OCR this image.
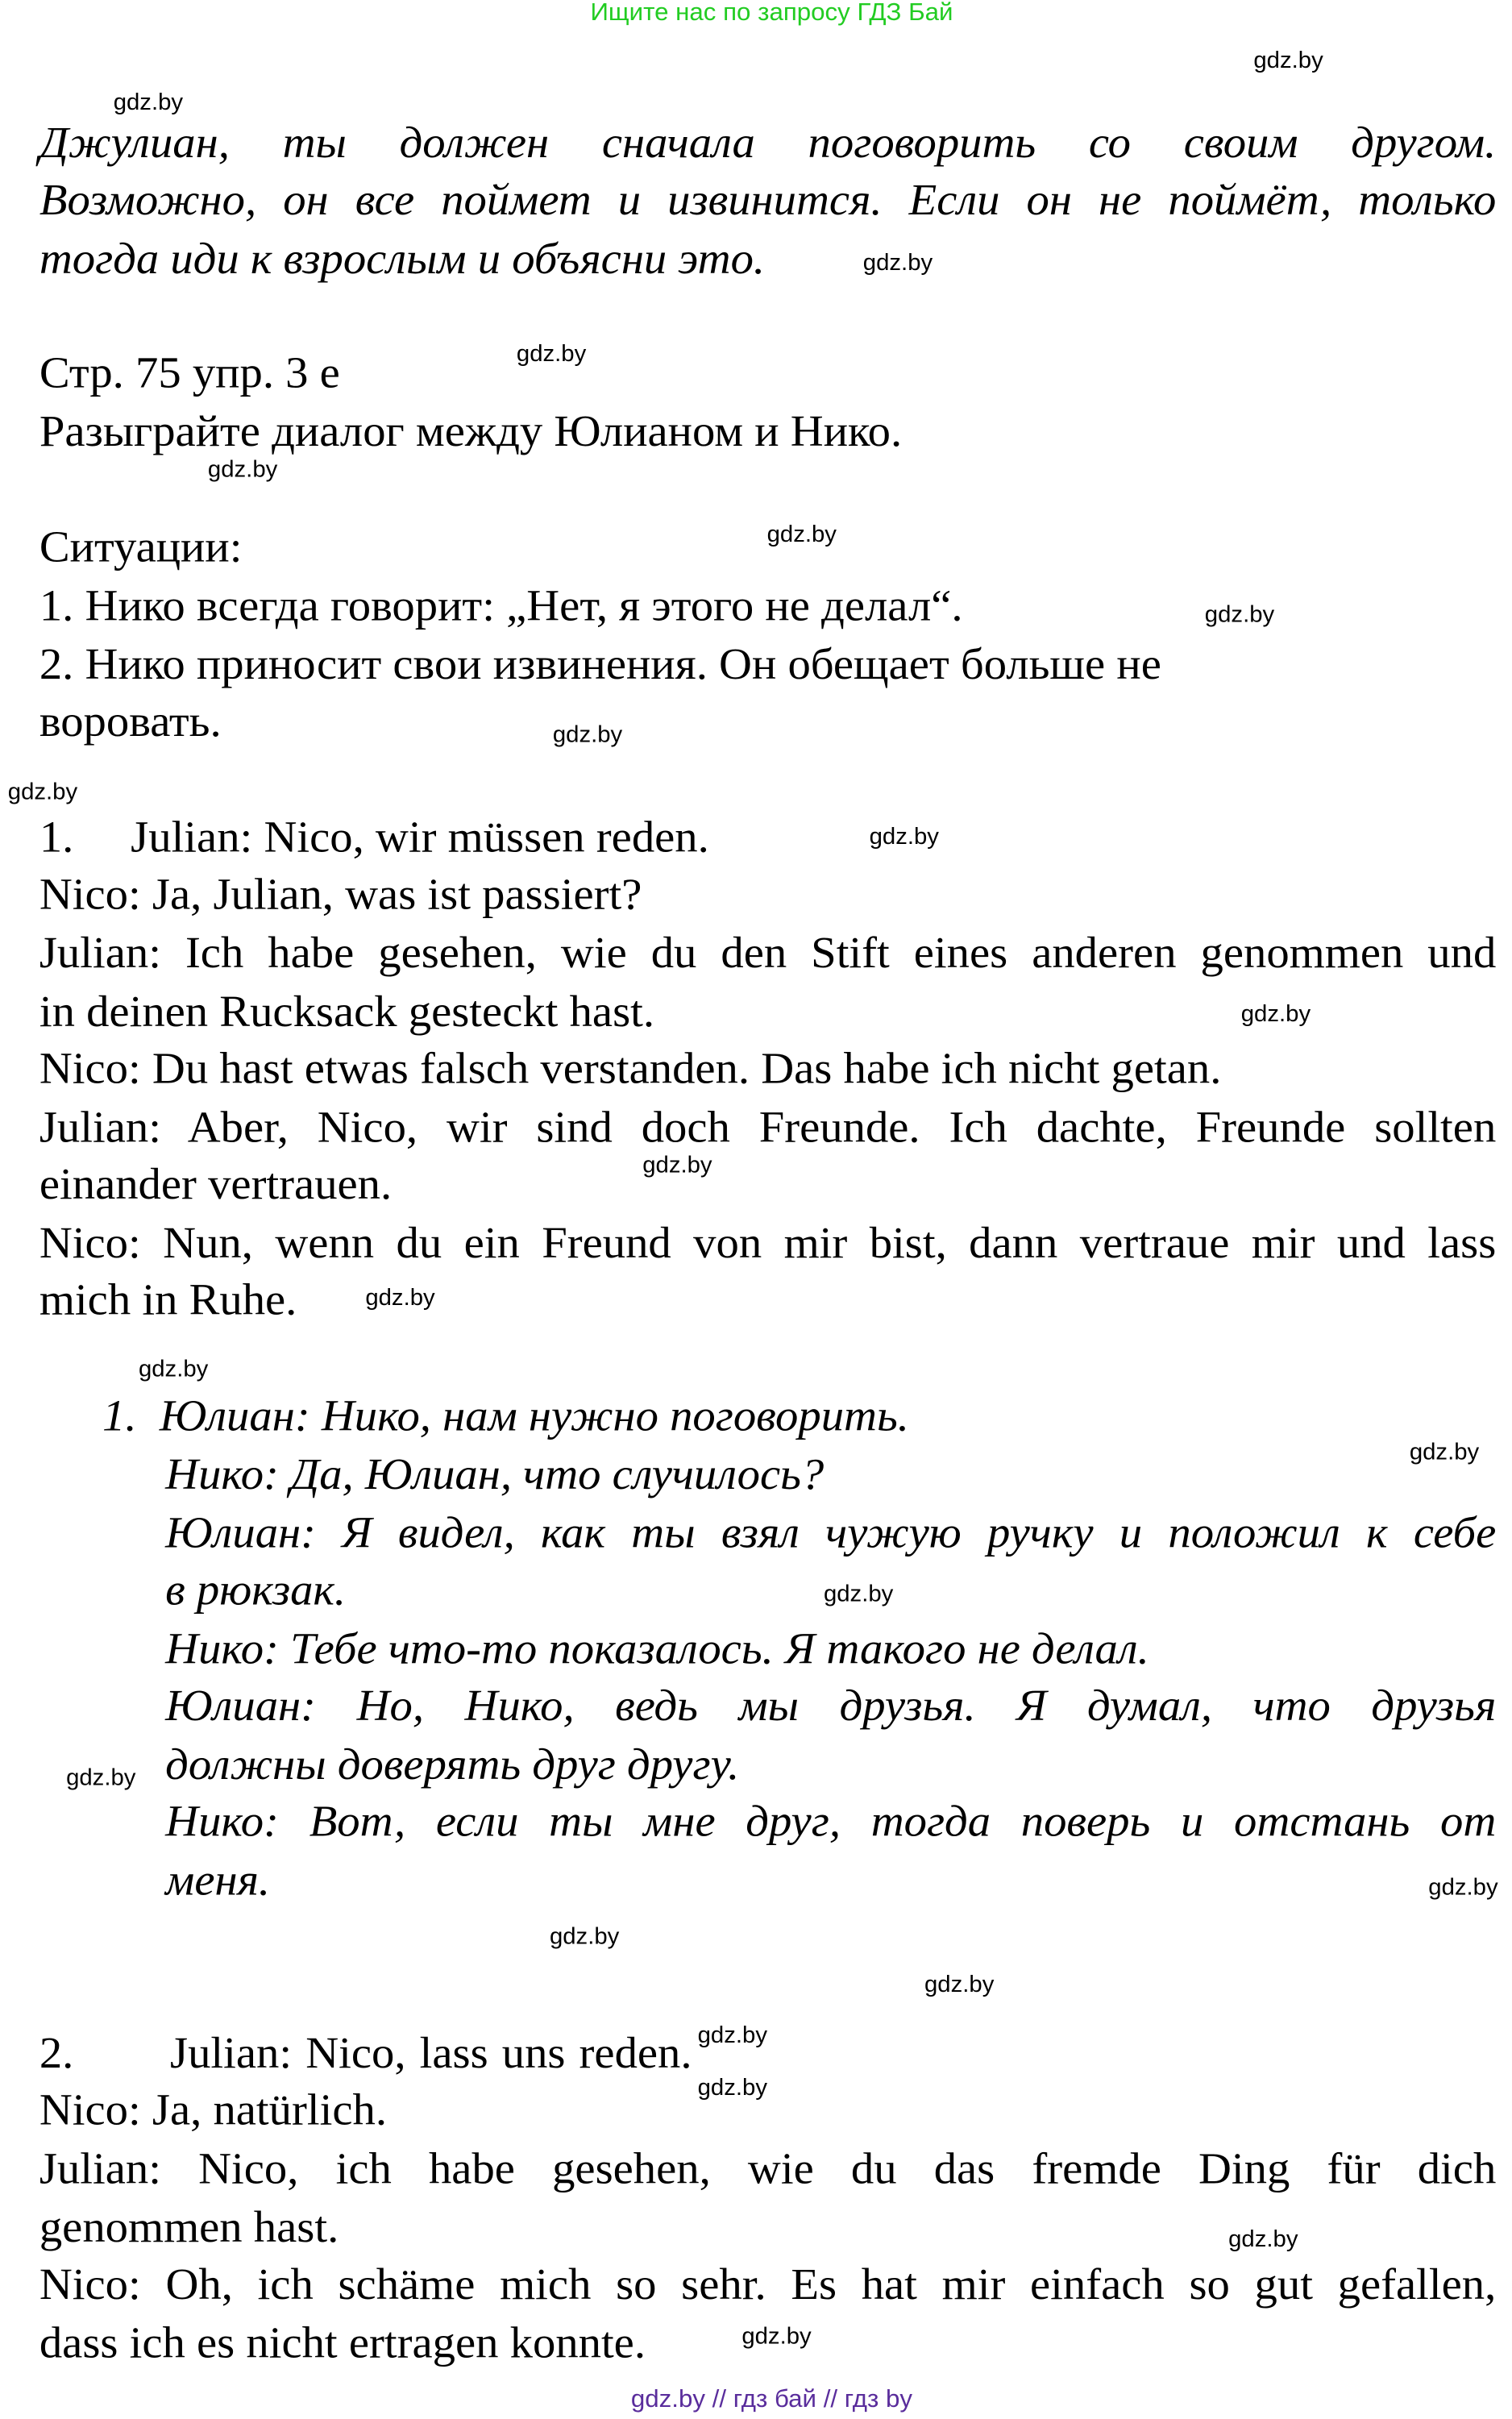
Ищите нас по запросу ГДЗ Бай
gdz.by // гдз бай // гдз by
Джулиан, ты должен сначала поговорить со своим другом.
Возможно, он все поймет и извинится. Если он не поймёт, только
тогда иди к взрослым и объясни это.
Стр. 75 упр. 3 е
Разыграйте диалог между Юлианом и Нико.
Ситуации:
1. Нико всегда говорит: „Нет, я этого не делал“.
2. Нико приносит свои извинения. Он обещает больше не
воровать.
1.     Julian: Nico, wir müssen reden.
Nico: Ja, Julian, was ist passiert?
Julian: Ich habe gesehen, wie du den Stift eines anderen genommen und
in deinen Rucksack gesteckt hast.
Nico: Du hast etwas falsch verstanden. Das habe ich nicht getan.
Julian: Aber, Nico, wir sind doch Freunde. Ich dachte, Freunde sollten
einander vertrauen.
Nico: Nun, wenn du ein Freund von mir bist, dann vertraue mir und lass
mich in Ruhe.
1.  Юлиан: Нико, нам нужно поговорить.
Нико: Да, Юлиан, что случилось?
Юлиан: Я видел, как ты взял чужую ручку и положил к себе
в рюкзак.
Нико: Тебе что-то показалось. Я такого не делал.
Юлиан: Но, Нико, ведь мы друзья. Я думал, что друзья
должны доверять друг другу.
Нико: Вот, если ты мне друг, тогда поверь и отстань от
меня.
2.       Julian: Nico, lass uns reden.
Nico: Ja, natürlich.
Julian: Nico, ich habe gesehen, wie du das fremde Ding für dich
genommen hast.
Nico: Oh, ich schäme mich so sehr. Es hat mir einfach so gut gefallen,
dass ich es nicht ertragen konnte.
gdz.by
gdz.by
gdz.by
gdz.by
gdz.by
gdz.by
gdz.by
gdz.by
gdz.by
gdz.by
gdz.by
gdz.by
gdz.by
gdz.by
gdz.by
gdz.by
gdz.by
gdz.by
gdz.by
gdz.by
gdz.by
gdz.by
gdz.by
gdz.by
